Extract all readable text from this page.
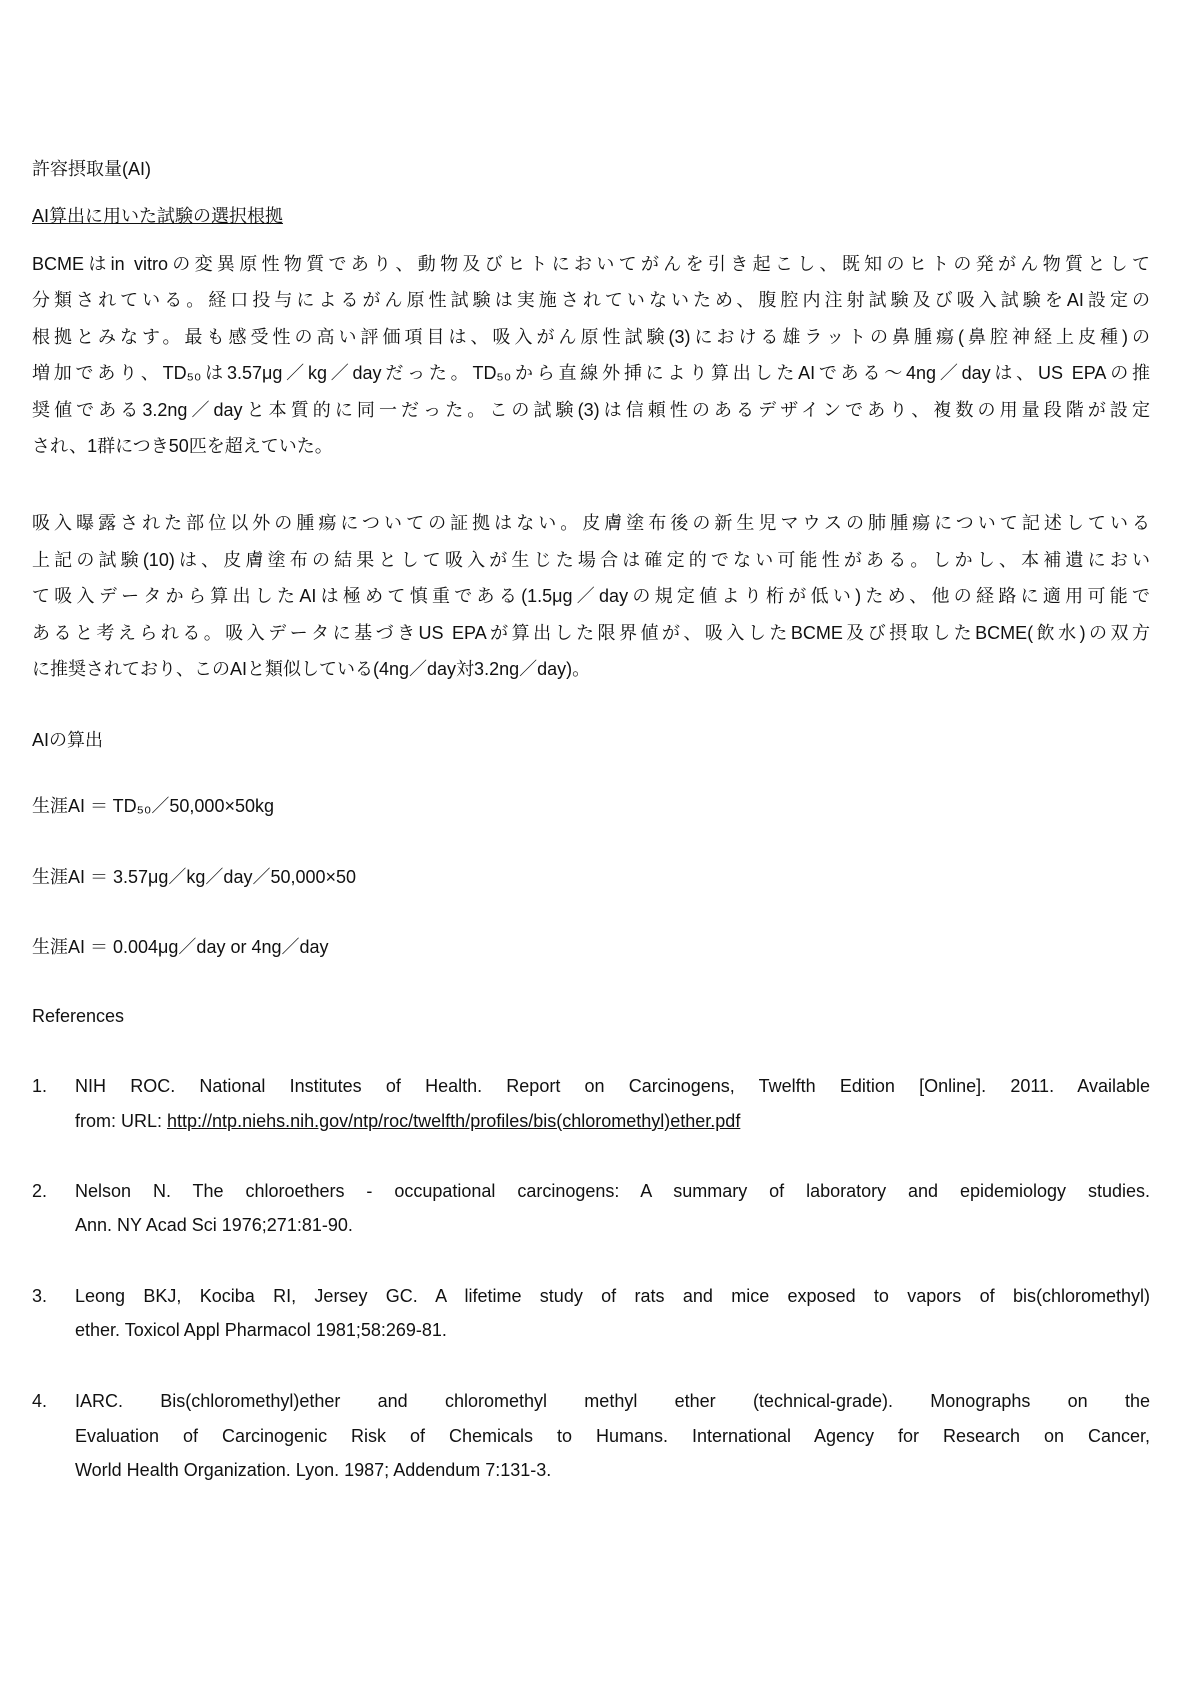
許容摂取量(AI)
AI算出に用いた試験の選択根拠
BCMEはin vitroの変異原性物質であり、動物及びヒトにおいてがんを引き起こし、既知のヒトの発がん物質として
分類されている。経口投与によるがん原性試験は実施されていないため、腹腔内注射試験及び吸入試験をAI設定の
根拠とみなす。最も感受性の高い評価項目は、吸入がん原性試験(3)における雄ラットの鼻腫瘍(鼻腔神経上皮種)の
増加であり、TD₅₀は3.57μg／kg／dayだった。TD₅₀から直線外挿により算出したAIである～4ng／dayは、US EPAの推
奨値である3.2ng／dayと本質的に同一だった。この試験(3)は信頼性のあるデザインであり、複数の用量段階が設定
され、1群につき50匹を超えていた。
吸入曝露された部位以外の腫瘍についての証拠はない。皮膚塗布後の新生児マウスの肺腫瘍について記述している
上記の試験(10)は、皮膚塗布の結果として吸入が生じた場合は確定的でない可能性がある。しかし、本補遺におい
て吸入データから算出したAIは極めて慎重である(1.5μg／dayの規定値より桁が低い)ため、他の経路に適用可能で
あると考えられる。吸入データに基づきUS EPAが算出した限界値が、吸入したBCME及び摂取したBCME(飲水)の双方
に推奨されており、このAIと類似している(4ng／day対3.2ng／day)。
AIの算出
生涯AI ＝ TD₅₀／50,000×50kg
生涯AI ＝ 3.57μg／kg／day／50,000×50
生涯AI ＝ 0.004μg／day or 4ng／day
References
1. NIH ROC. National Institutes of Health. Report on Carcinogens, Twelfth Edition [Online]. 2011. Available
from: URL: http://ntp.niehs.nih.gov/ntp/roc/twelfth/profiles/bis(chloromethyl)ether.pdf
2. Nelson N. The chloroethers - occupational carcinogens: A summary of laboratory and epidemiology studies.
Ann. NY Acad Sci 1976;271:81-90.
3. Leong BKJ, Kociba RI, Jersey GC. A lifetime study of rats and mice exposed to vapors of bis(chloromethyl)
ether. Toxicol Appl Pharmacol 1981;58:269-81.
4. IARC. Bis(chloromethyl)ether and chloromethyl methyl ether (technical-grade). Monographs on the
Evaluation of Carcinogenic Risk of Chemicals to Humans. International Agency for Research on Cancer,
World Health Organization. Lyon. 1987; Addendum 7:131-3.
